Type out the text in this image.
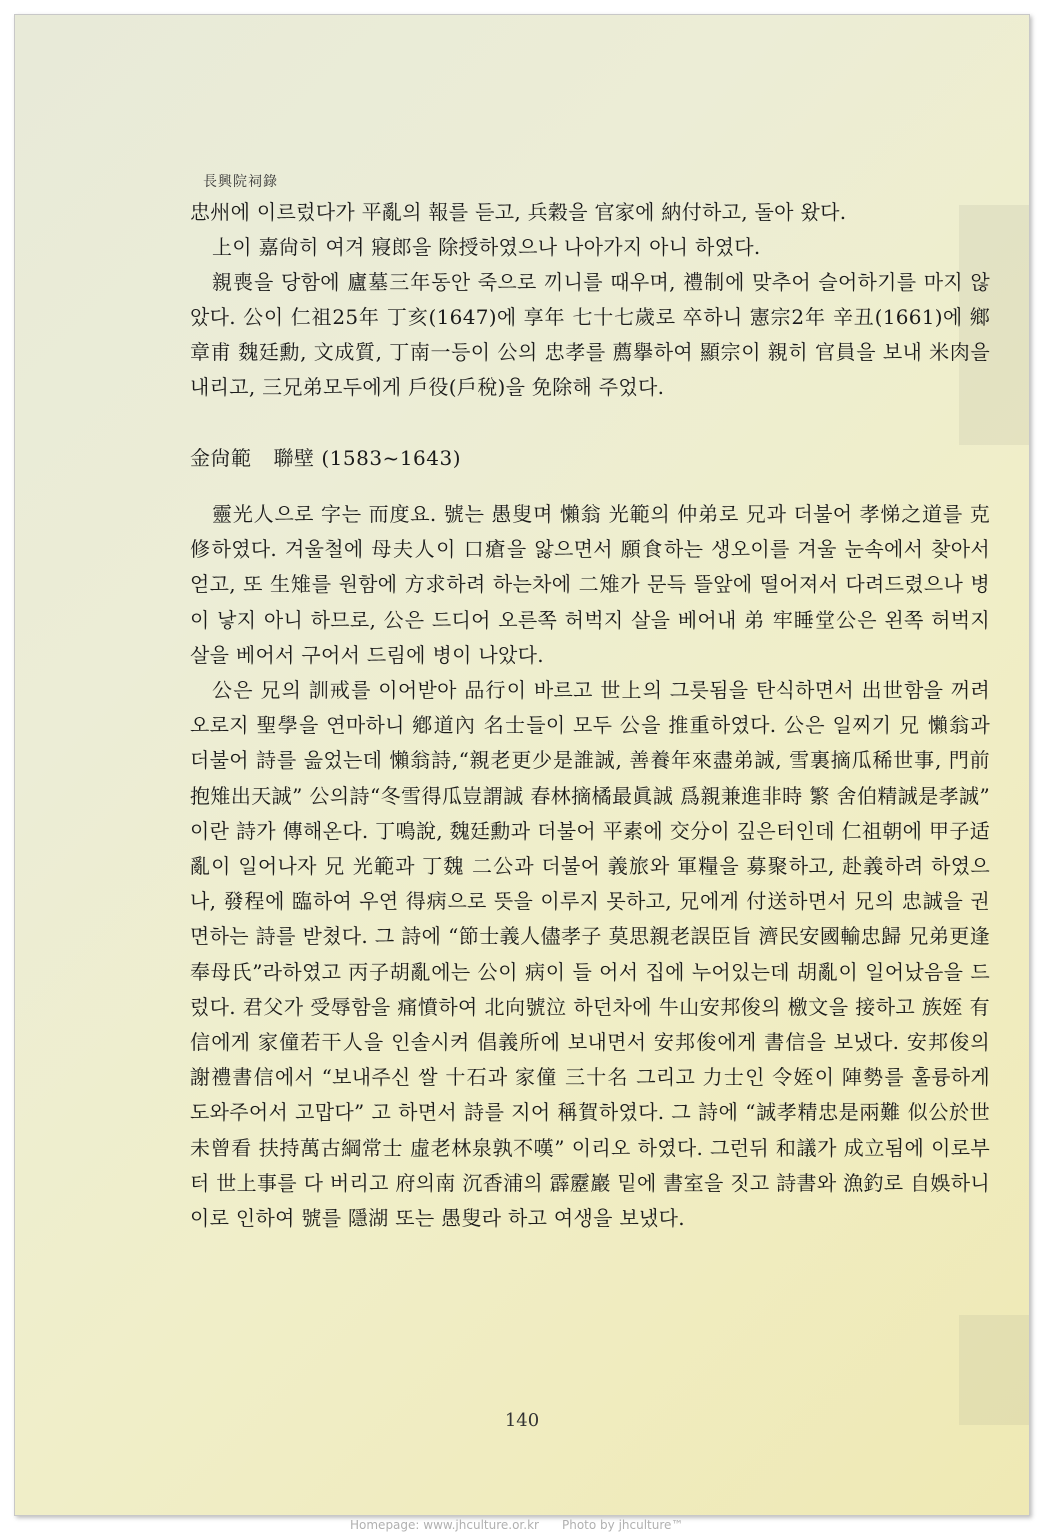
長興院祠錄

忠州에 이르렀다가 平亂의 報를 듣고, 兵穀을 官家에 納付하고, 돌아 왔다.

上이 嘉尙히 여겨 寢郎을 除授하였으나 나아가지 아니 하였다.

親喪을 당함에 廬墓三年동안 죽으로 끼니를 때우며, 禮制에 맞추어 슬어하기를 마지 않았다. 公이 仁祖25年 丁亥(1647)에 享年 七十七歲로 卒하니 憲宗2年 辛丑(1661)에 鄉章甫 魏廷勳, 文成質, 丁南一등이 公의 忠孝를 薦擧하여 顯宗이 親히 官員을 보내 米肉을 내리고, 三兄弟모두에게 戶役(戶稅)을 免除해 주었다.

金尙範 聯壁 (1583~1643)

靈光人으로 字는 而度요. 號는 愚叟며 懶翁 光範의 仲弟로 兄과 더불어 孝悌之道를 克修하였다. 겨울철에 母夫人이 口瘡을 앓으면서 願食하는 생오이를 겨울 눈속에서 찾아서 얻고, 또 生雉를 원함에 方求하려 하는차에 二雉가 문득 뜰앞에 떨어져서 다려드렸으나 병이 낳지 아니 하므로, 公은 드디어 오른쪽 허벅지 살을 베어내 弟 牢睡堂公은 왼쪽 허벅지 살을 베어서 구어서 드림에 병이 나았다.

公은 兄의 訓戒를 이어받아 品行이 바르고 世上의 그릇됨을 탄식하면서 出世함을 꺼려 오로지 聖學을 연마하니 鄕道內 名士들이 모두 公을 推重하였다. 公은 일찌기 兄 懶翁과 더불어 詩를 읊었는데 懶翁詩,“親老更少是誰誠, 善養年來盡弟誠, 雪裏摘瓜稀世事, 門前抱雉出天誠” 公의詩“冬雪得瓜豈謂誠 春林摘橘最眞誠 爲親兼進非時 繁 舍伯精誠是孝誠” 이란 詩가 傳해온다. 丁鳴說, 魏廷勳과 더불어 平素에 交分이 깊은터인데 仁祖朝에 甲子适亂이 일어나자 兄 光範과 丁魏 二公과 더불어 義旅와 軍糧을 募聚하고, 赴義하려 하였으나, 發程에 臨하여 우연 得病으로 뜻을 이루지 못하고, 兄에게 付送하면서 兄의 忠誠을 권면하는 詩를 받쳤다. 그 詩에 “節士義人儘孝子 莫思親老誤臣旨 濟民安國輸忠歸 兄弟更逢奉母氏”라하였고 丙子胡亂에는 公이 病이 들 어서 집에 누어있는데 胡亂이 일어났음을 드렀다. 君父가 受辱함을 痛憤하여 北向號泣 하던차에 牛山安邦俊의 檄文을 接하고 族姪 有信에게 家僮若干人을 인솔시켜 倡義所에 보내면서 安邦俊에게 書信을 보냈다. 安邦俊의 謝禮書信에서 “보내주신 쌀 十石과 家僮 三十名 그리고 力士인 令姪이 陣勢를 훌륭하게 도와주어서 고맙다” 고 하면서 詩를 지어 稱賀하였다. 그 詩에 “誠孝精忠是兩難 似公於世未曾看 扶持萬古綱常士 虛老林泉孰不嘆” 이리오 하였다. 그런뒤 和議가 成立됨에 이로부터 世上事를 다 버리고 府의南 沉香浦의 霹靂巖 밑에 書室을 짓고 詩書와 漁釣로 自娛하니 이로 인하여 號를 隱湖 또는 愚叟라 하고 여생을 보냈다.

140
Homepage: www.jhculture.or.kr Photo by jhculture™
